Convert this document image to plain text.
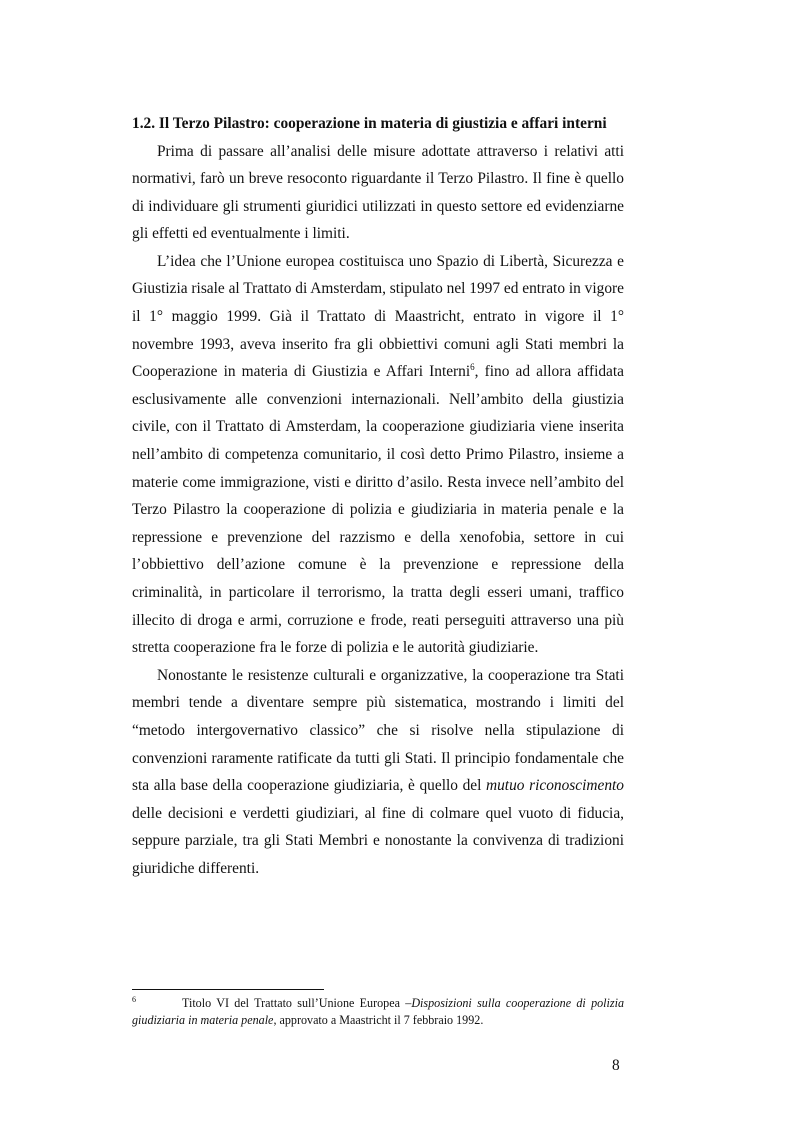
1.2. Il Terzo Pilastro: cooperazione in materia di giustizia e affari interni

Prima di passare all’analisi delle misure adottate attraverso i relativi atti normativi, farò un breve resoconto riguardante il Terzo Pilastro. Il fine è quello di individuare gli strumenti giuridici utilizzati in questo settore ed evidenziarne gli effetti ed eventualmente i limiti.

L’idea che l’Unione europea costituisca uno Spazio di Libertà, Sicurezza e Giustizia risale al Trattato di Amsterdam, stipulato nel 1997 ed entrato in vigore il 1° maggio 1999. Già il Trattato di Maastricht, entrato in vigore il 1° novembre 1993, aveva inserito fra gli obbiettivi comuni agli Stati membri la Cooperazione in materia di Giustizia e Affari Interni$^6$, fino ad allora affidata esclusivamente alle convenzioni internazionali. Nell’ambito della giustizia civile, con il Trattato di Amsterdam, la cooperazione giudiziaria viene inserita nell’ambito di competenza comunitario, il così detto Primo Pilastro, insieme a materie come immigrazione, visti e diritto d’asilo. Resta invece nell’ambito del Terzo Pilastro la cooperazione di polizia e giudiziaria in materia penale e la repressione e prevenzione del razzismo e della xenofobia, settore in cui l’obbiettivo dell’azione comune è la prevenzione e repressione della criminalità, in particolare il terrorismo, la tratta degli esseri umani, traffico illecito di droga e armi, corruzione e frode, reati perseguiti attraverso una più stretta cooperazione fra le forze di polizia e le autorità giudiziarie.

Nonostante le resistenze culturali e organizzative, la cooperazione tra Stati membri tende a diventare sempre più sistematica, mostrando i limiti del “metodo intergovernativo classico” che si risolve nella stipulazione di convenzioni raramente ratificate da tutti gli Stati. Il principio fondamentale che sta alla base della cooperazione giudiziaria, è quello del mutuo riconoscimento delle decisioni e verdetti giudiziari, al fine di colmare quel vuoto di fiducia, seppure parziale, tra gli Stati Membri e nonostante la convivenza di tradizioni giuridiche differenti.

6	Titolo VI del Trattato sull’Unione Europea –Disposizioni sulla cooperazione di polizia giudiziaria in materia penale, approvato a Maastricht il 7 febbraio 1992.
8
